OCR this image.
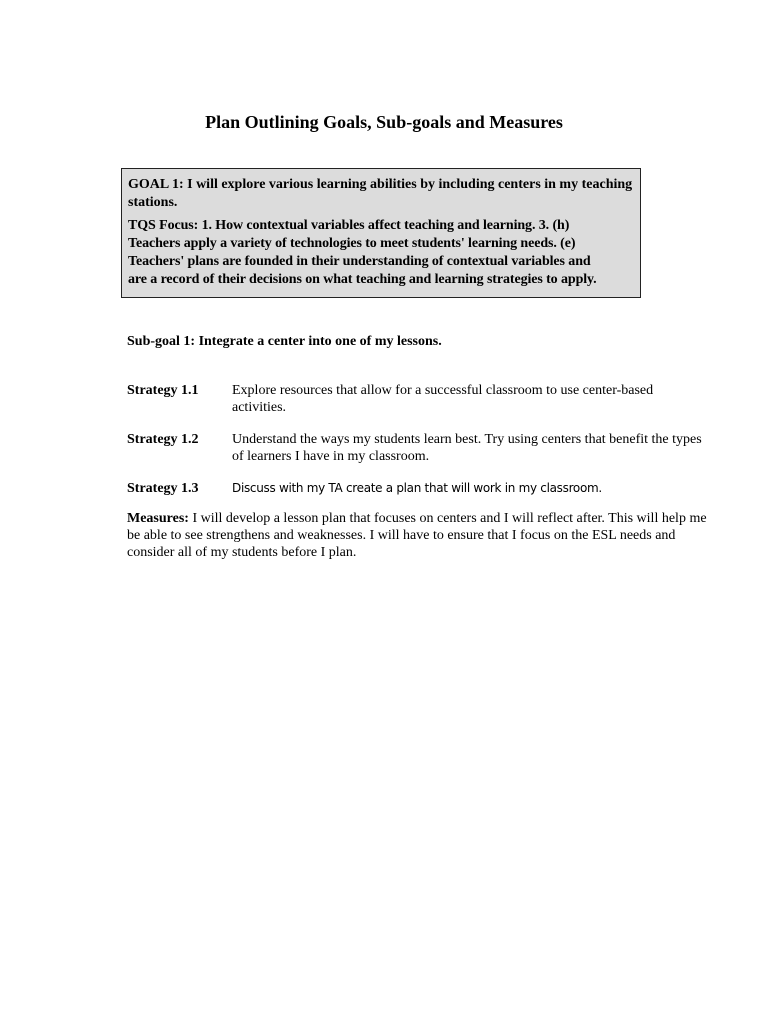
Plan Outlining Goals, Sub-goals and Measures
GOAL 1: I will explore various learning abilities by including centers in my teaching stations.
TQS Focus: 1. How contextual variables affect teaching and learning. 3. (h)
Teachers apply a variety of technologies to meet students' learning needs. (e)
Teachers' plans are founded in their understanding of contextual variables and
are a record of their decisions on what teaching and learning strategies to apply.
Sub-goal 1: Integrate a center into one of my lessons.
Strategy 1.1 Explore resources that allow for a successful classroom to use center-based activities.
Strategy 1.2 Understand the ways my students learn best. Try using centers that benefit the types of learners I have in my classroom.
Strategy 1.3	Discuss with my TA create a plan that will work in my classroom.
Measures: I will develop a lesson plan that focuses on centers and I will reflect after. This will help me be able to see strengthens and weaknesses. I will have to ensure that I focus on the ESL needs and consider all of my students before I plan.
